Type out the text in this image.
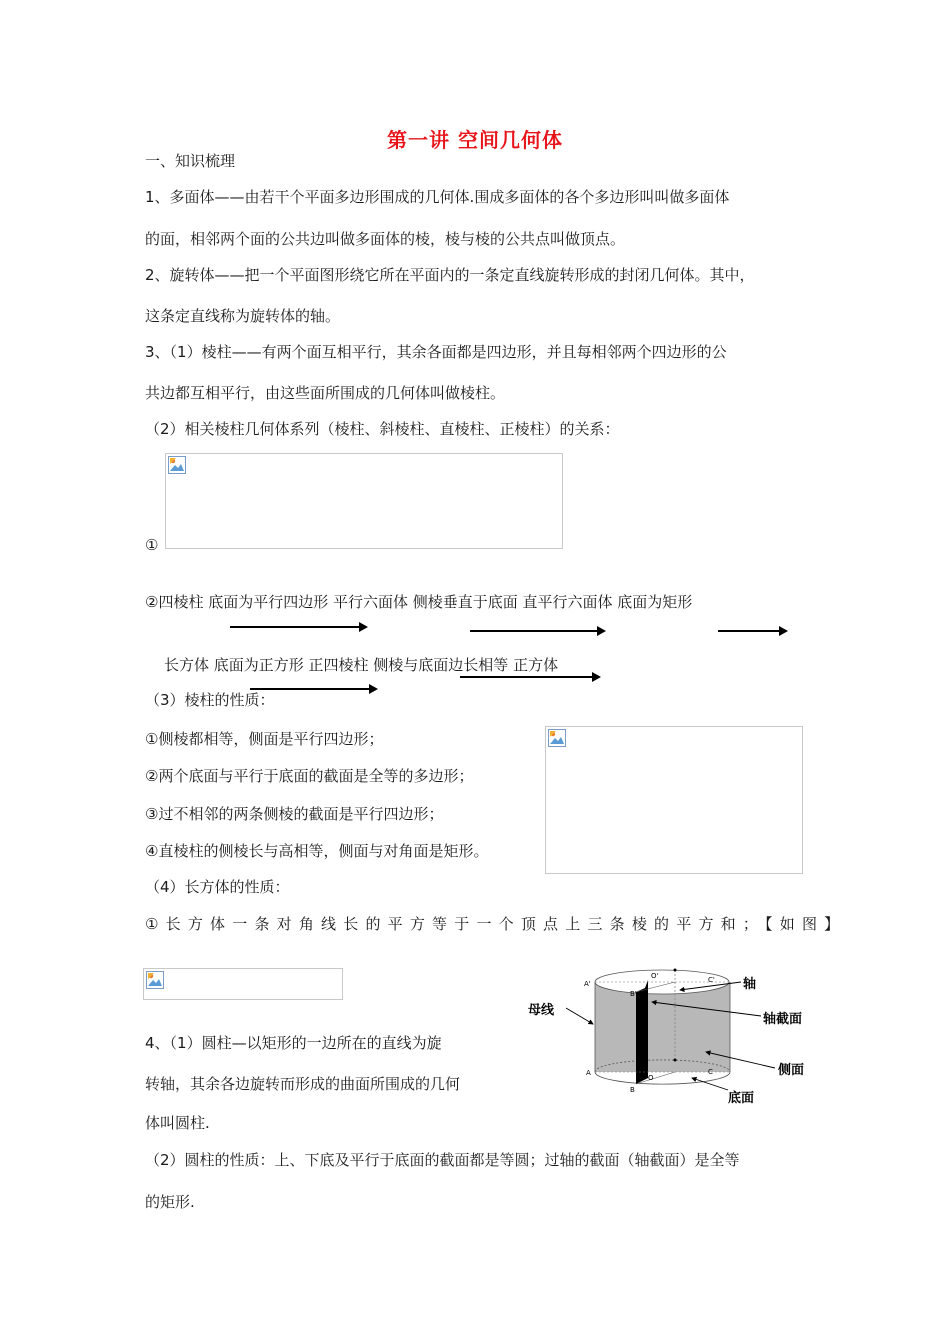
第一讲 空间几何体
一、知识梳理
1、多面体——由若干个平面多边形围成的几何体.围成多面体的各个多边形叫叫做多面体
的面，相邻两个面的公共边叫做多面体的棱，棱与棱的公共点叫做顶点。
2、旋转体——把一个平面图形绕它所在平面内的一条定直线旋转形成的封闭几何体。其中，
这条定直线称为旋转体的轴。
3、（1）棱柱——有两个面互相平行，其余各面都是四边形，并且每相邻两个四边形的公
共边都互相平行，由这些面所围成的几何体叫做棱柱。
（2）相关棱柱几何体系列（棱柱、斜棱柱、直棱柱、正棱柱）的关系：
①
②四棱柱 底面为平行四边形 平行六面体 侧棱垂直于底面 直平行六面体 底面为矩形
长方体 底面为正方形 正四棱柱 侧棱与底面边长相等 正方体
（3）棱柱的性质：
①侧棱都相等，侧面是平行四边形；
②两个底面与平行于底面的截面是全等的多边形；
③过不相邻的两条侧棱的截面是平行四边形；
④直棱柱的侧棱长与高相等，侧面与对角面是矩形。
（4）长方体的性质：
①长方体一条对角线长的平方等于一个顶点上三条棱的平方和；【如图】
4、（1）圆柱—以矩形的一边所在的直线为旋
转轴，其余各边旋转而形成的曲面所围成的几何
体叫圆柱.
（2）圆柱的性质：上、下底及平行于底面的截面都是等圆；过轴的截面（轴截面）是全等
的矩形.
O'
A'
B'
C'
A
O
C
B
轴
母线
轴截面
侧面
底面
